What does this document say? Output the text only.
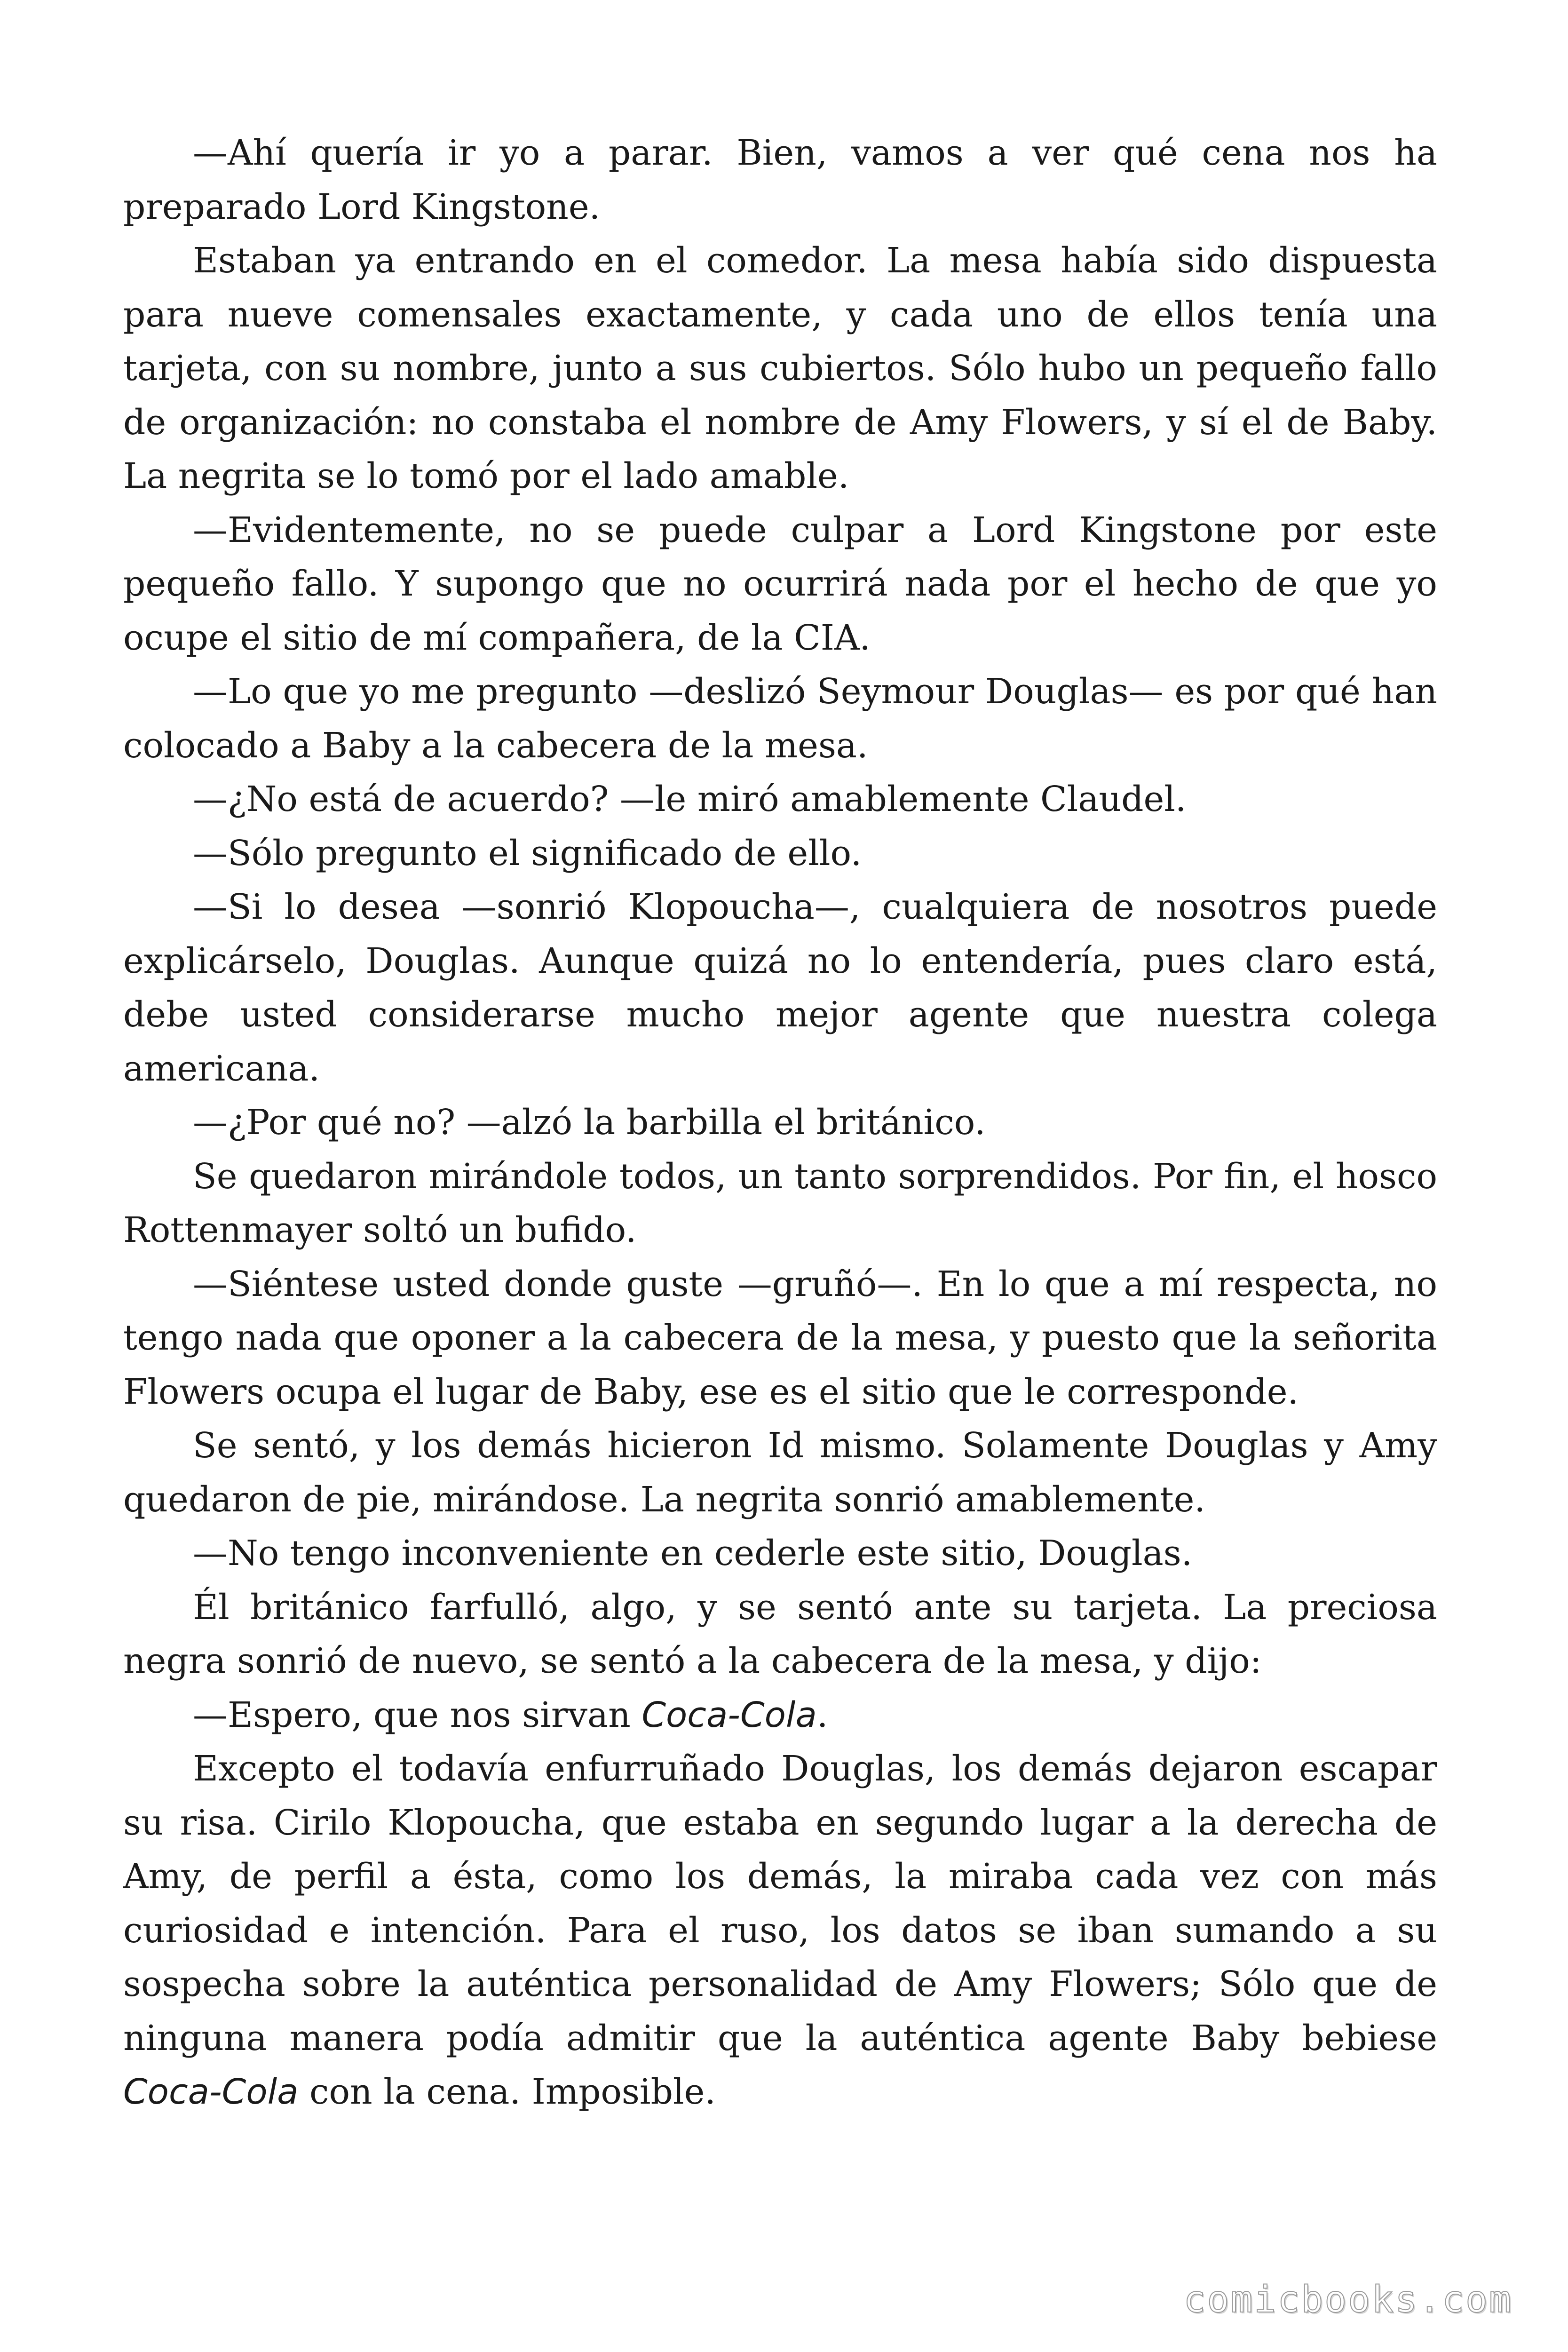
—Ahí quería ir yo a parar. Bien, vamos a ver qué cena nos ha preparado Lord Kingstone.

Estaban ya entrando en el comedor. La mesa había sido dispuesta para nueve comensales exactamente, y cada uno de ellos tenía una tarjeta, con su nombre, junto a sus cubiertos. Sólo hubo un pequeño fallo de organización: no constaba el nombre de Amy Flowers, y sí el de Baby. La negrita se lo tomó por el lado amable.

—Evidentemente, no se puede culpar a Lord Kingstone por este pequeño fallo. Y supongo que no ocurrirá nada por el hecho de que yo ocupe el sitio de mí compañera, de la CIA.

—Lo que yo me pregunto —deslizó Seymour Douglas— es por qué han colocado a Baby a la cabecera de la mesa.

—¿No está de acuerdo? —le miró amablemente Claudel.

—Sólo pregunto el significado de ello.

—Si lo desea —sonrió Klopoucha—, cualquiera de nosotros puede explicárselo, Douglas. Aunque quizá no lo entendería, pues claro está, debe usted considerarse mucho mejor agente que nuestra colega americana.

—¿Por qué no? —alzó la barbilla el británico.

Se quedaron mirándole todos, un tanto sorprendidos. Por fin, el hosco Rottenmayer soltó un bufido.

—Siéntese usted donde guste —gruñó—. En lo que a mí respecta, no tengo nada que oponer a la cabecera de la mesa, y puesto que la señorita Flowers ocupa el lugar de Baby, ese es el sitio que le corresponde.

Se sentó, y los demás hicieron Id mismo. Solamente Douglas y Amy quedaron de pie, mirándose. La negrita sonrió amablemente.

—No tengo inconveniente en cederle este sitio, Douglas.

Él británico farfulló, algo, y se sentó ante su tarjeta. La preciosa negra sonrió de nuevo, se sentó a la cabecera de la mesa, y dijo:

—Espero, que nos sirvan Coca-Cola.

Excepto el todavía enfurruñado Douglas, los demás dejaron escapar su risa. Cirilo Klopoucha, que estaba en segundo lugar a la derecha de Amy, de perfil a ésta, como los demás, la miraba cada vez con más curiosidad e intención. Para el ruso, los datos se iban sumando a su sospecha sobre la auténtica personalidad de Amy Flowers; Sólo que de ninguna manera podía admitir que la auténtica agente Baby bebiese Coca-Cola con la cena. Imposible.

comicbooks.com
